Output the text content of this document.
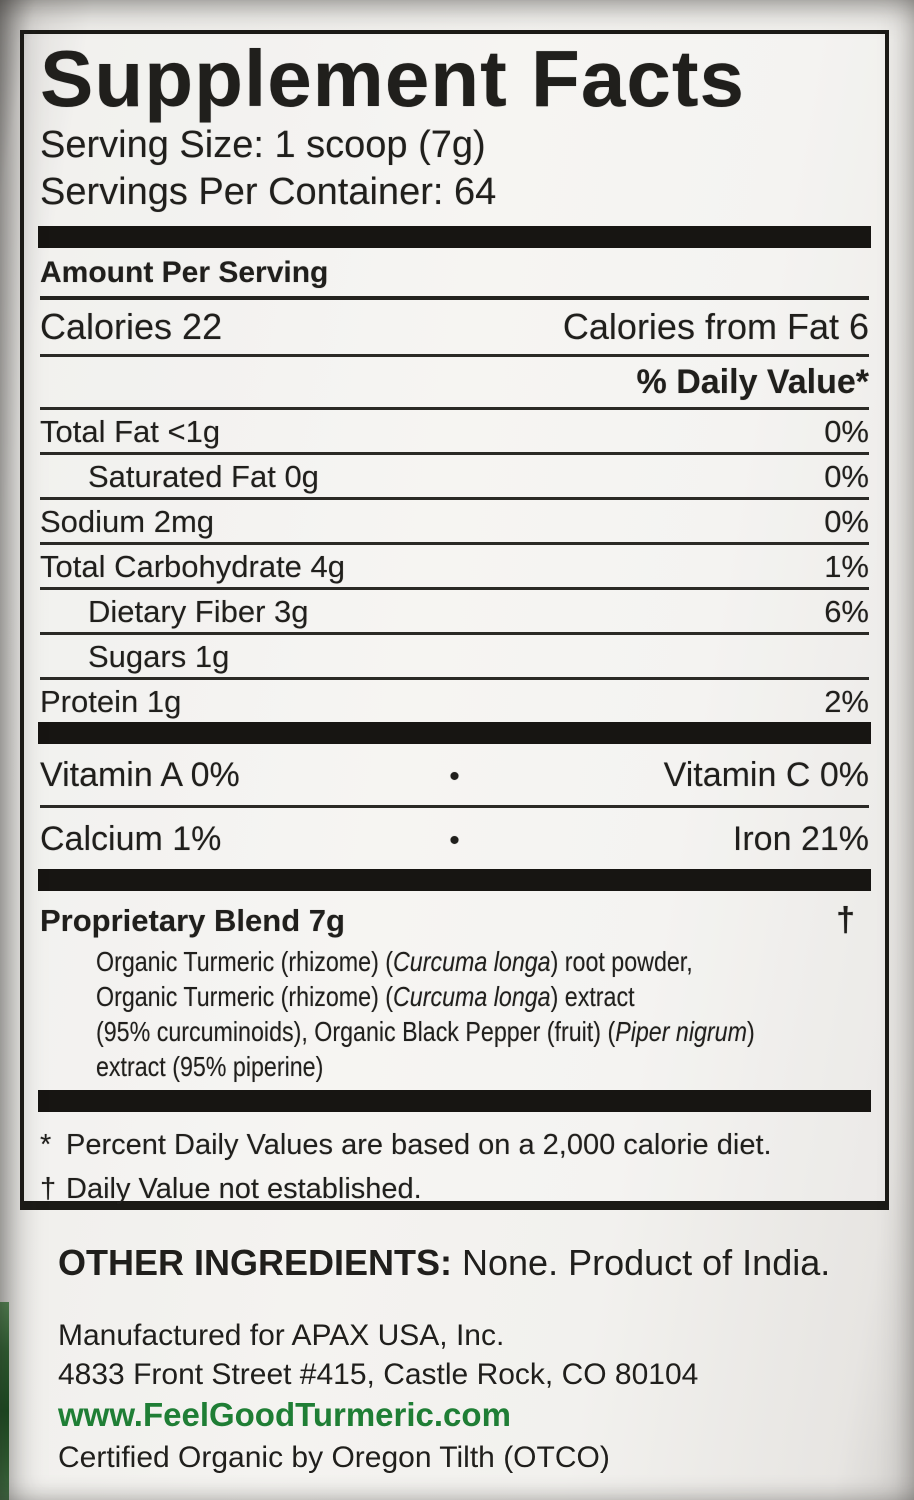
Supplement Facts
Serving Size: 1 scoop (7g)
Servings Per Container: 64
Amount Per Serving
Calories 22	Calories from Fat 6
% Daily Value*
Total Fat <1g	0%
Saturated Fat 0g	0%
Sodium 2mg	0%
Total Carbohydrate 4g	1%
Dietary Fiber 3g	6%
Sugars 1g
Protein 1g	2%
Vitamin A 0%	•	Vitamin C 0%
Calcium 1%	•	Iron 21%
Proprietary Blend 7g	†
Organic Turmeric (rhizome) (Curcuma longa) root powder,
Organic Turmeric (rhizome) (Curcuma longa) extract
(95% curcuminoids), Organic Black Pepper (fruit) (Piper nigrum)
extract (95% piperine)
* Percent Daily Values are based on a 2,000 calorie diet.
† Daily Value not established.
OTHER INGREDIENTS: None. Product of India.
Manufactured for APAX USA, Inc.
4833 Front Street #415, Castle Rock, CO 80104
www.FeelGoodTurmeric.com
Certified Organic by Oregon Tilth (OTCO)
